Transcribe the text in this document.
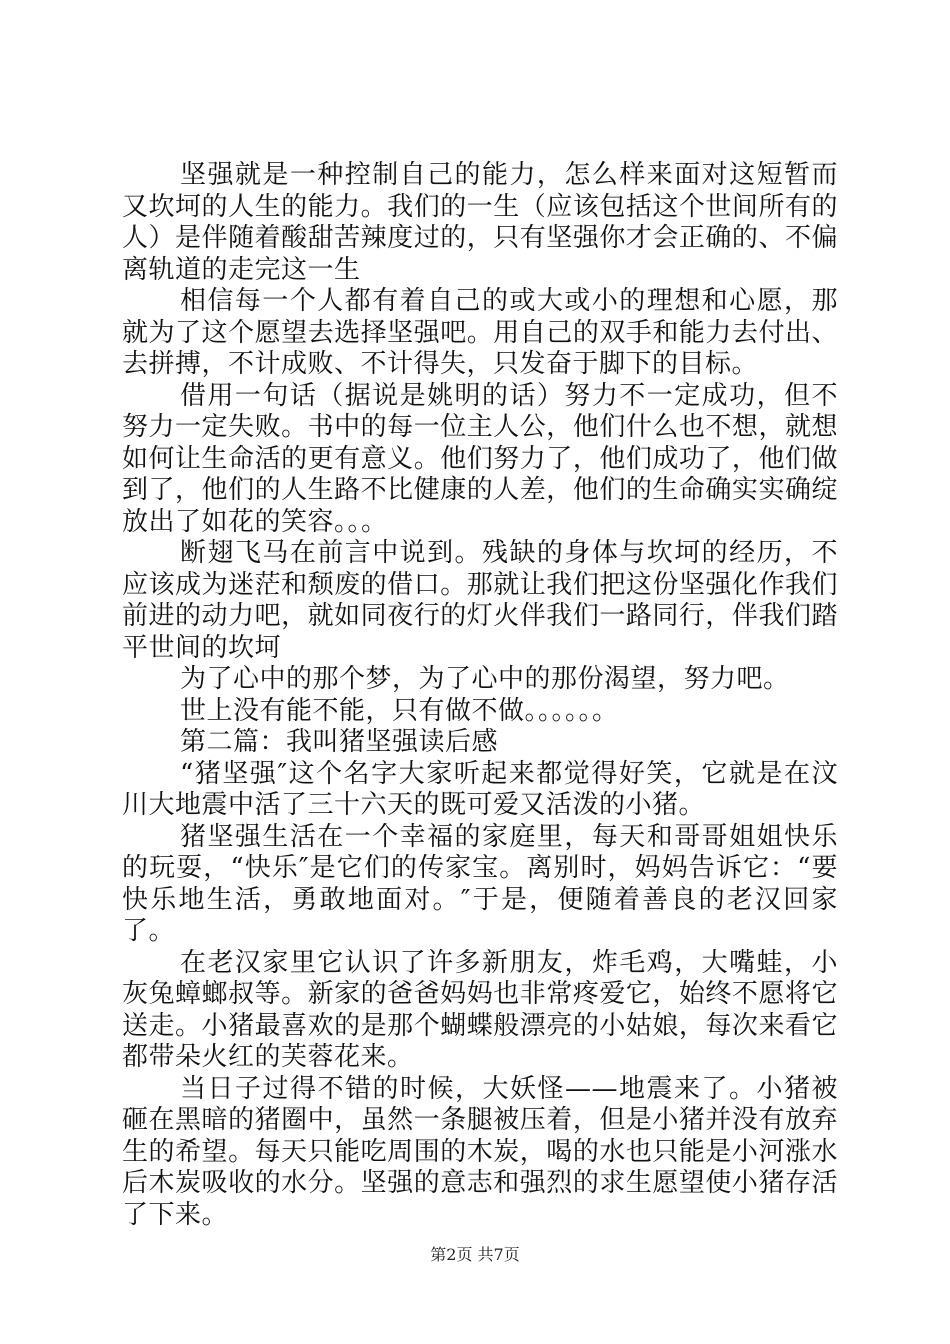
坚强就是一种控制自己的能力，怎么样来面对这短暂而又坎坷的人生的能力。我们的一生（应该包括这个世间所有的人）是伴随着酸甜苦辣度过的，只有坚强你才会正确的、不偏离轨道的走完这一生

相信每一个人都有着自己的或大或小的理想和心愿，那就为了这个愿望去选择坚强吧。用自己的双手和能力去付出、去拼搏，不计成败、不计得失，只发奋于脚下的目标。

借用一句话（据说是姚明的话）努力不一定成功，但不努力一定失败。书中的每一位主人公，他们什么也不想，就想如何让生命活的更有意义。他们努力了，他们成功了，他们做到了，他们的人生路不比健康的人差，他们的生命确实实确绽放出了如花的笑容。。。

断翅飞马在前言中说到。残缺的身体与坎坷的经历，不应该成为迷茫和颓废的借口。那就让我们把这份坚强化作我们前进的动力吧，就如同夜行的灯火伴我们一路同行，伴我们踏平世间的坎坷

为了心中的那个梦，为了心中的那份渴望，努力吧。

世上没有能不能，只有做不做。。。。。。

第二篇：我叫猪坚强读后感

“猪坚强″这个名字大家听起来都觉得好笑，它就是在汶川大地震中活了三十六天的既可爱又活泼的小猪。

猪坚强生活在一个幸福的家庭里，每天和哥哥姐姐快乐的玩耍，“快乐″是它们的传家宝。离别时，妈妈告诉它：“要快乐地生活，勇敢地面对。″于是，便随着善良的老汉回家了。

在老汉家里它认识了许多新朋友，炸毛鸡，大嘴蛙，小灰兔蟑螂叔等。新家的爸爸妈妈也非常疼爱它，始终不愿将它送走。小猪最喜欢的是那个蝴蝶般漂亮的小姑娘，每次来看它都带朵火红的芙蓉花来。

当日子过得不错的时候，大妖怪——地震来了。小猪被砸在黑暗的猪圈中，虽然一条腿被压着，但是小猪并没有放弃生的希望。每天只能吃周围的木炭，喝的水也只能是小河涨水后木炭吸收的水分。坚强的意志和强烈的求生愿望使小猪存活了下来。

第2页 共7页
